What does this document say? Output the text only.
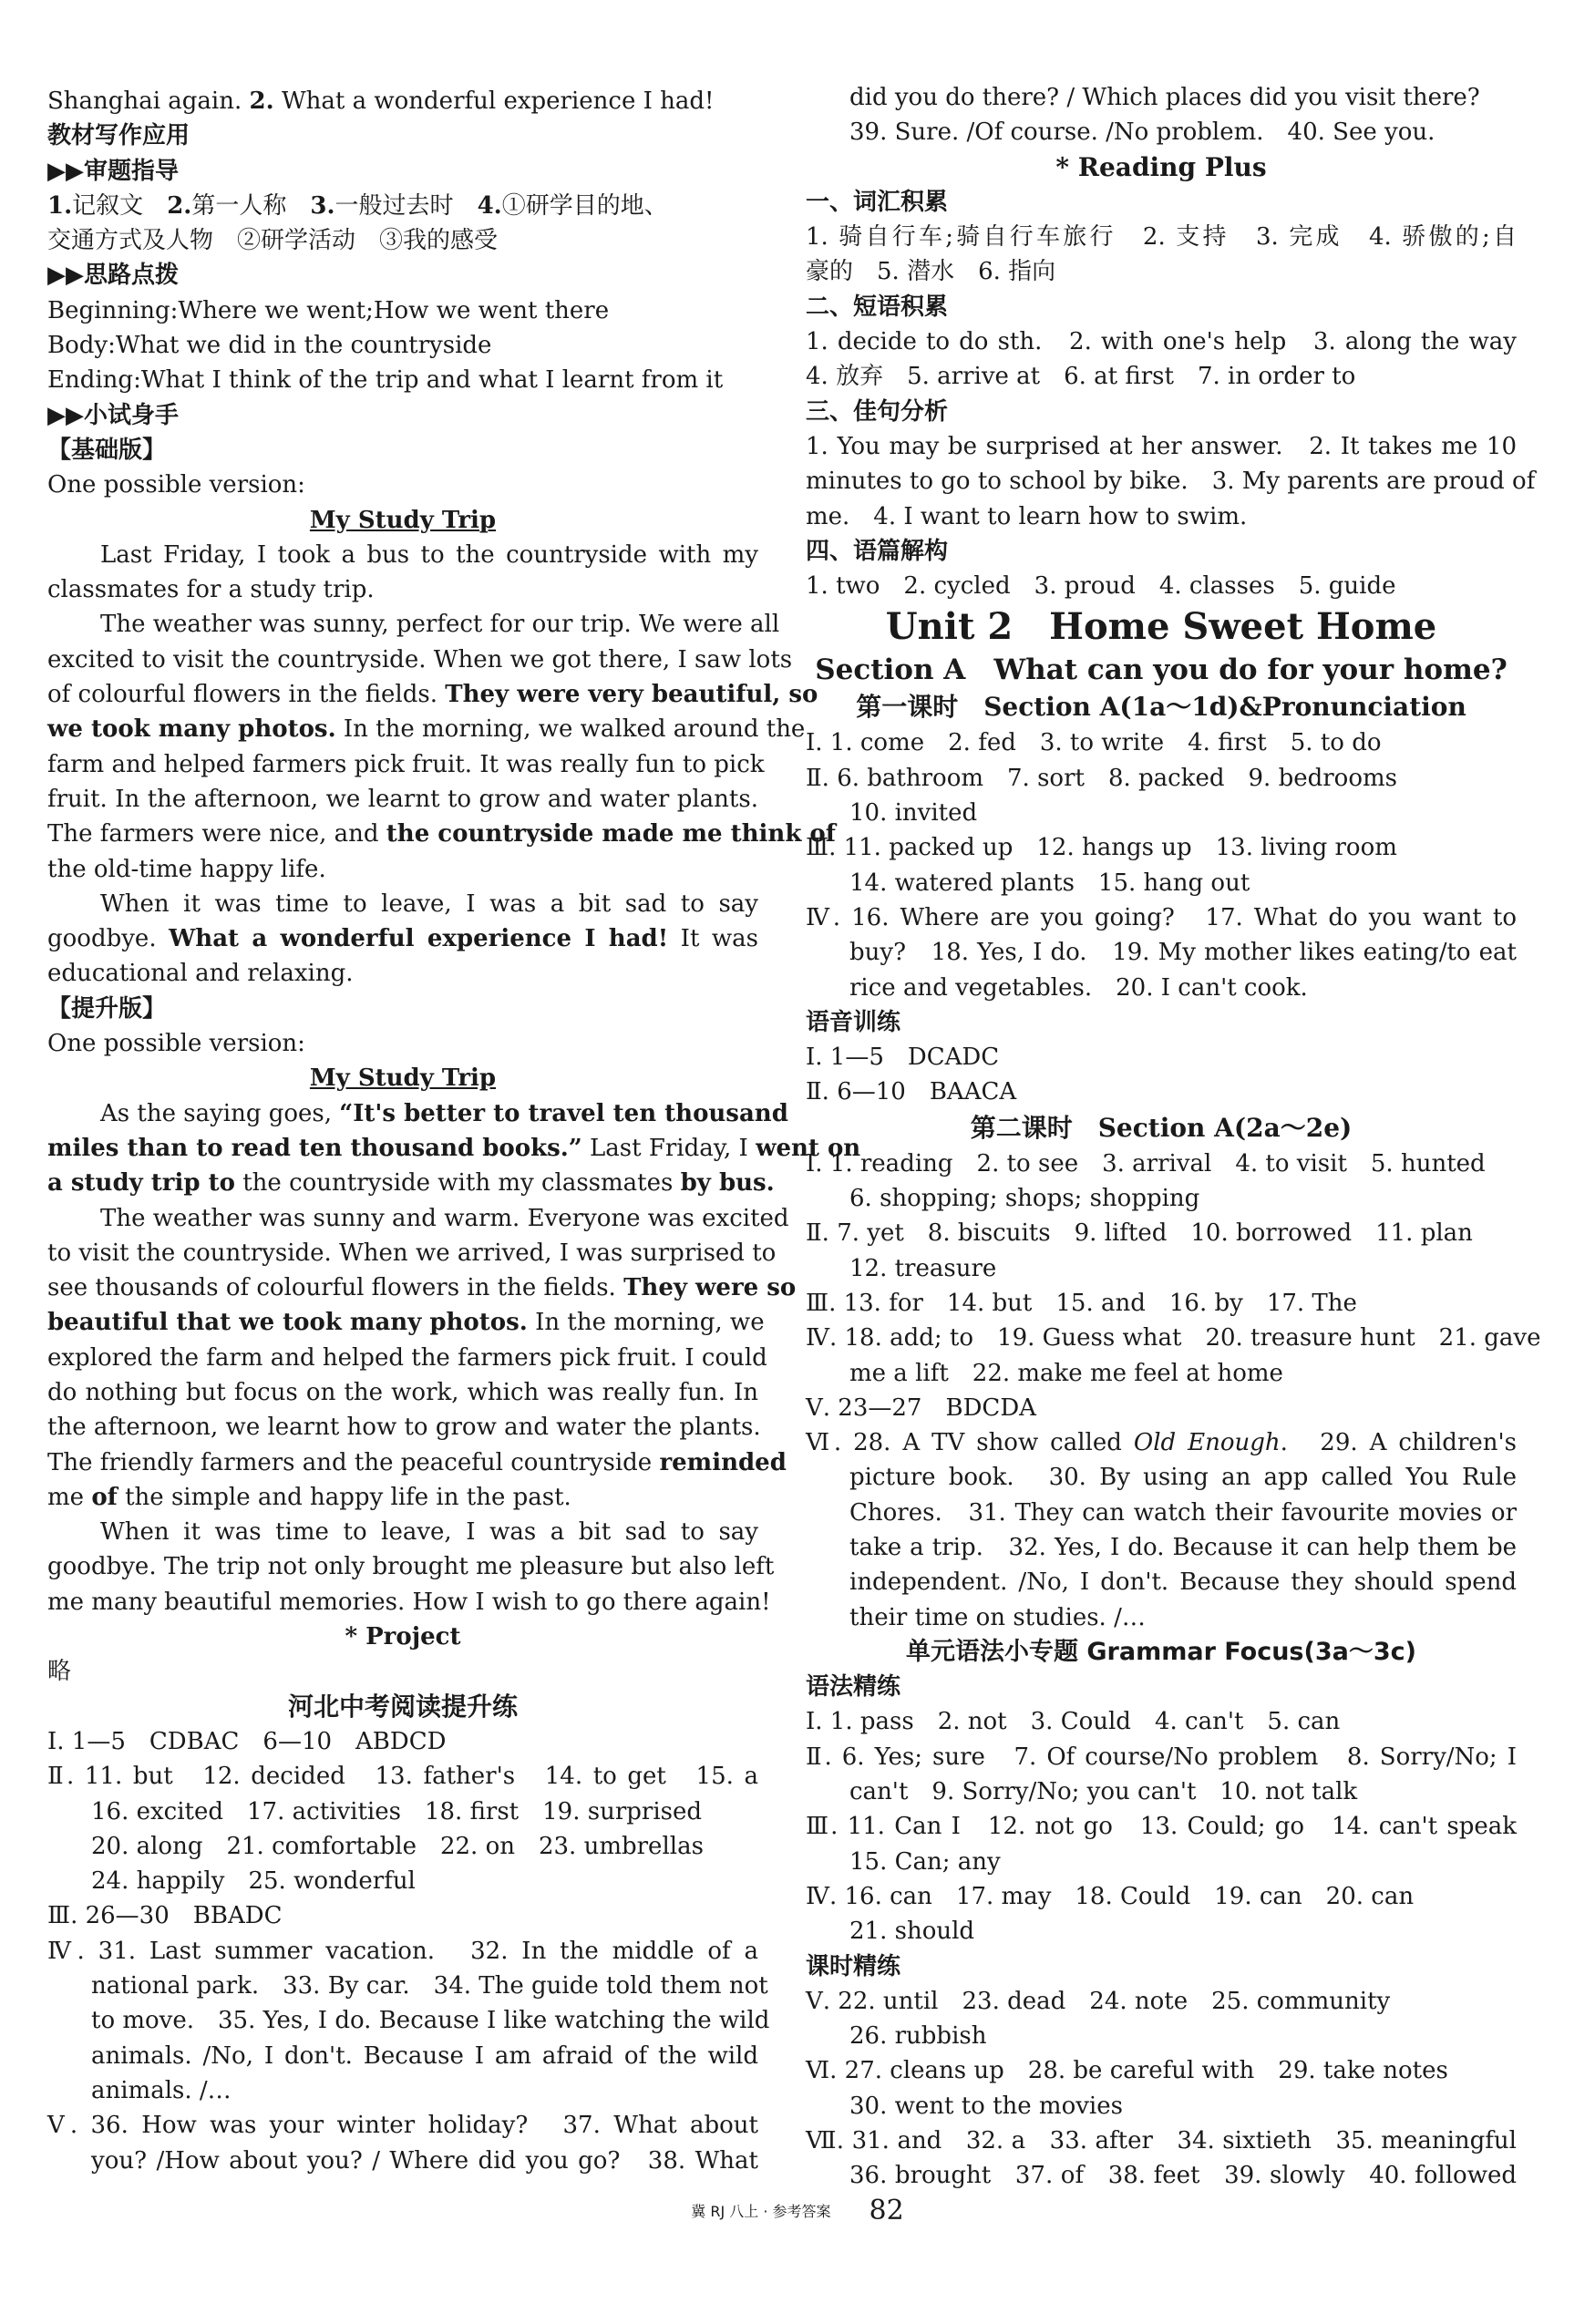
Shanghai again. 2. What a wonderful experience I had!
教材写作应用
▶▶审题指导
1.记叙文　 2.第一人称　 3.一般过去时　 4.①研学目的地、
交通方式及人物　②研学活动　③我的感受
▶▶思路点拨
Beginning:Where we went;How we went there
Body:What we did in the countryside
Ending:What I think of the trip and what I learnt from it
▶▶小试身手
【基础版】
One possible version:
My Study Trip
Last Friday, I took a bus to the countryside with my
classmates for a study trip.
The weather was sunny, perfect for our trip. We were all
excited to visit the countryside. When we got there, I saw lots
of colourful flowers in the fields. They were very beautiful, so
we took many photos. In the morning, we walked around the
farm and helped farmers pick fruit. It was really fun to pick
fruit. In the afternoon, we learnt to grow and water plants.
The farmers were nice, and the countryside made me think of
the old-time happy life.
When it was time to leave, I was a bit sad to say
goodbye. What a wonderful experience I had! It was
educational and relaxing.
【提升版】
One possible version:
My Study Trip
As the saying goes, “It's better to travel ten thousand
miles than to read ten thousand books.” Last Friday, I went on
a study trip to the countryside with my classmates by bus.
The weather was sunny and warm. Everyone was excited
to visit the countryside. When we arrived, I was surprised to
see thousands of colourful flowers in the fields. They were so
beautiful that we took many photos. In the morning, we
explored the farm and helped the farmers pick fruit. I could
do nothing but focus on the work, which was really fun. In
the afternoon, we learnt how to grow and water the plants.
The friendly farmers and the peaceful countryside reminded
me of the simple and happy life in the past.
When it was time to leave, I was a bit sad to say
goodbye. The trip not only brought me pleasure but also left
me many beautiful memories. How I wish to go there again!
* Project
略
河北中考阅读提升练
Ⅰ. 1—5　CDBAC　6—10　ABDCD
Ⅱ. 11. but　12. decided　13. father's　14. to get　15. a
16. excited　17. activities　18. first　19. surprised
20. along　21. comfortable　22. on　23. umbrellas
24. happily　25. wonderful
Ⅲ. 26—30　BBADC
Ⅳ. 31. Last summer vacation.　32. In the middle of a
national park.　33. By car.　34. The guide told them not
to move.　35. Yes, I do. Because I like watching the wild
animals. /No, I don't. Because I am afraid of the wild
animals. /…
Ⅴ. 36. How was your winter holiday?　37. What about
you? /How about you? / Where did you go?　38. What
did you do there? / Which places did you visit there?
39. Sure. /Of course. /No problem.　40. See you.
* Reading Plus
一、词汇积累
1. 骑自行车;骑自行车旅行　2. 支持　3. 完成　4. 骄傲的;自
豪的　5. 潜水　6. 指向
二、短语积累
1. decide to do sth.　2. with one's help　3. along the way
4. 放弃　5. arrive at　6. at first　7. in order to
三、佳句分析
1. You may be surprised at her answer.　2. It takes me 10
minutes to go to school by bike.　3. My parents are proud of
me.　4. I want to learn how to swim.
四、语篇解构
1. two　2. cycled　3. proud　4. classes　5. guide
Unit 2　Home Sweet Home
Section A　What can you do for your home?
第一课时　Section A(1a～1d)&Pronunciation
Ⅰ. 1. come　2. fed　3. to write　4. first　5. to do
Ⅱ. 6. bathroom　7. sort　8. packed　9. bedrooms
10. invited
Ⅲ. 11. packed up　12. hangs up　13. living room
14. watered plants　15. hang out
Ⅳ. 16. Where are you going?　17. What do you want to
buy?　18. Yes, I do.　19. My mother likes eating/to eat
rice and vegetables.　20. I can't cook.
语音训练
Ⅰ. 1—5　DCADC
Ⅱ. 6—10　BAACA
第二课时　Section A(2a～2e)
Ⅰ. 1. reading　2. to see　3. arrival　4. to visit　5. hunted
6. shopping; shops; shopping
Ⅱ. 7. yet　8. biscuits　9. lifted　10. borrowed　11. plan
12. treasure
Ⅲ. 13. for　14. but　15. and　16. by　17. The
Ⅳ. 18. add; to　19. Guess what　20. treasure hunt　21. gave
me a lift　22. make me feel at home
Ⅴ. 23—27　BDCDA
Ⅵ. 28. A TV show called Old Enough.　29. A children's
picture book.　30. By using an app called You Rule
Chores.　31. They can watch their favourite movies or
take a trip.　32. Yes, I do. Because it can help them be
independent. /No, I don't. Because they should spend
their time on studies. /…
单元语法小专题 Grammar Focus(3a～3c)
语法精练
Ⅰ. 1. pass　2. not　3. Could　4. can't　5. can
Ⅱ. 6. Yes; sure　7. Of course/No problem　8. Sorry/No; I
can't　9. Sorry/No; you can't　10. not talk
Ⅲ. 11. Can I　12. not go　13. Could; go　14. can't speak
15. Can; any
Ⅳ. 16. can　17. may　18. Could　19. can　20. can
21. should
课时精练
Ⅴ. 22. until　23. dead　24. note　25. community
26. rubbish
Ⅵ. 27. cleans up　28. be careful with　29. take notes
30. went to the movies
Ⅶ. 31. and　32. a　33. after　34. sixtieth　35. meaningful
36. brought　37. of　38. feet　39. slowly　40. followed
冀 RJ 八上 · 参考答案 82
